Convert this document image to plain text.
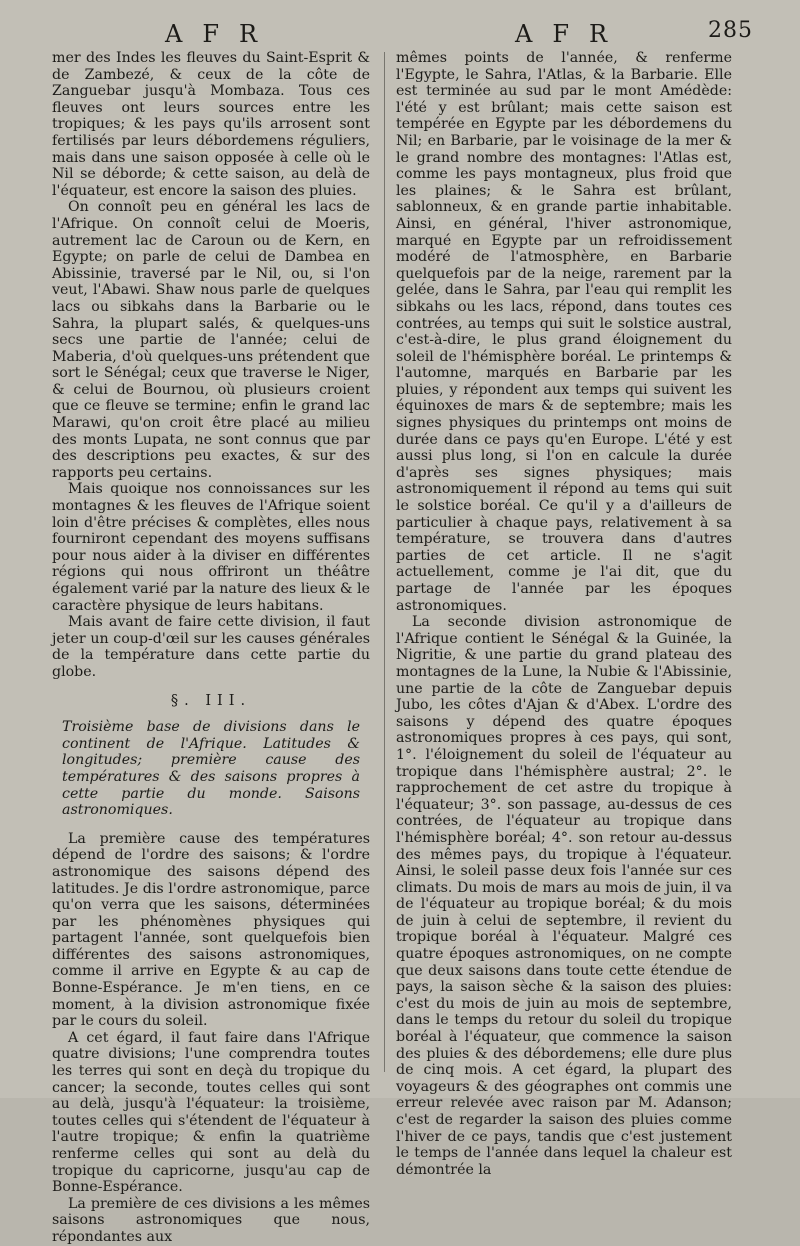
AFR	AFR	285

mer des Indes les fleuves du Saint-Esprit & de Zambezé, & ceux de la côte de Zanguebar jusqu'à Mombaza. Tous ces fleuves ont leurs sources entre les tropiques; & les pays qu'ils arrosent sont fertilisés par leurs débordemens réguliers, mais dans une saison opposée à celle où le Nil se déborde; & cette saison, au delà de l'équateur, est encore la saison des pluies.

On connoît peu en général les lacs de l'Afrique. On connoît celui de Moeris, autrement lac de Caroun ou de Kern, en Egypte; on parle de celui de Dambea en Abissinie, traversé par le Nil, ou, si l'on veut, l'Abawi. Shaw nous parle de quelques lacs ou sibkahs dans la Barbarie ou le Sahra, la plupart salés, & quelques-uns secs une partie de l'année; celui de Maberia, d'où quelques-uns prétendent que sort le Sénégal; ceux que traverse le Niger, & celui de Bournou, où plusieurs croient que ce fleuve se termine; enfin le grand lac Marawi, qu'on croit être placé au milieu des monts Lupata, ne sont connus que par des descriptions peu exactes, & sur des rapports peu certains.

Mais quoique nos connoissances sur les montagnes & les fleuves de l'Afrique soient loin d'être précises & complètes, elles nous fourniront cependant des moyens suffisans pour nous aider à la diviser en différentes régions qui nous offriront un théâtre également varié par la nature des lieux & le caractère physique de leurs habitans.

Mais avant de faire cette division, il faut jeter un coup-d'œil sur les causes générales de la température dans cette partie du globe.

§. III.

Troisième base de divisions dans le continent de l'Afrique. Latitudes & longitudes; première cause des températures & des saisons propres à cette partie du monde. Saisons astronomiques.

La première cause des températures dépend de l'ordre des saisons; & l'ordre astronomique des saisons dépend des latitudes. Je dis l'ordre astronomique, parce qu'on verra que les saisons, déterminées par les phénomènes physiques qui partagent l'année, sont quelquefois bien différentes des saisons astronomiques, comme il arrive en Egypte & au cap de Bonne-Espérance. Je m'en tiens, en ce moment, à la division astronomique fixée par le cours du soleil.

A cet égard, il faut faire dans l'Afrique quatre divisions; l'une comprendra toutes les terres qui sont en deçà du tropique du cancer; la seconde, toutes celles qui sont au delà, jusqu'à l'équateur: la troisième, toutes celles qui s'étendent de l'équateur à l'autre tropique; & enfin la quatrième renferme celles qui sont au delà du tropique du capricorne, jusqu'au cap de Bonne-Espérance.

La première de ces divisions a les mêmes saisons astronomiques que nous, répondantes aux

mêmes points de l'année, & renferme l'Egypte, le Sahra, l'Atlas, & la Barbarie. Elle est terminée au sud par le mont Amédède: l'été y est brûlant; mais cette saison est tempérée en Egypte par les débordemens du Nil; en Barbarie, par le voisinage de la mer & le grand nombre des montagnes: l'Atlas est, comme les pays montagneux, plus froid que les plaines; & le Sahra est brûlant, sablonneux, & en grande partie inhabitable. Ainsi, en général, l'hiver astronomique, marqué en Egypte par un refroidissement modéré de l'atmosphère, en Barbarie quelquefois par de la neige, rarement par la gelée, dans le Sahra, par l'eau qui remplit les sibkahs ou les lacs, répond, dans toutes ces contrées, au temps qui suit le solstice austral, c'est-à-dire, le plus grand éloignement du soleil de l'hémisphère boréal. Le printemps & l'automne, marqués en Barbarie par les pluies, y répondent aux temps qui suivent les équinoxes de mars & de septembre; mais les signes physiques du printemps ont moins de durée dans ce pays qu'en Europe. L'été y est aussi plus long, si l'on en calcule la durée d'après ses signes physiques; mais astronomiquement il répond au tems qui suit le solstice boréal. Ce qu'il y a d'ailleurs de particulier à chaque pays, relativement à sa température, se trouvera dans d'autres parties de cet article. Il ne s'agit actuellement, comme je l'ai dit, que du partage de l'année par les époques astronomiques.

La seconde division astronomique de l'Afrique contient le Sénégal & la Guinée, la Nigritie, & une partie du grand plateau des montagnes de la Lune, la Nubie & l'Abissinie, une partie de la côte de Zanguebar depuis Jubo, les côtes d'Ajan & d'Abex. L'ordre des saisons y dépend des quatre époques astronomiques propres à ces pays, qui sont, 1°. l'éloignement du soleil de l'équateur au tropique dans l'hémisphère austral; 2°. le rapprochement de cet astre du tropique à l'équateur; 3°. son passage, au-dessus de ces contrées, de l'équateur au tropique dans l'hémisphère boréal; 4°. son retour au-dessus des mêmes pays, du tropique à l'équateur. Ainsi, le soleil passe deux fois l'année sur ces climats. Du mois de mars au mois de juin, il va de l'équateur au tropique boréal; & du mois de juin à celui de septembre, il revient du tropique boréal à l'équateur. Malgré ces quatre époques astronomiques, on ne compte que deux saisons dans toute cette étendue de pays, la saison sèche & la saison des pluies: c'est du mois de juin au mois de septembre, dans le temps du retour du soleil du tropique boréal à l'équateur, que commence la saison des pluies & des débordemens; elle dure plus de cinq mois. A cet égard, la plupart des voyageurs & des géographes ont commis une erreur relevée avec raison par M. Adanson; c'est de regarder la saison des pluies comme l'hiver de ce pays, tandis que c'est justement le temps de l'année dans lequel la chaleur est démontrée la
